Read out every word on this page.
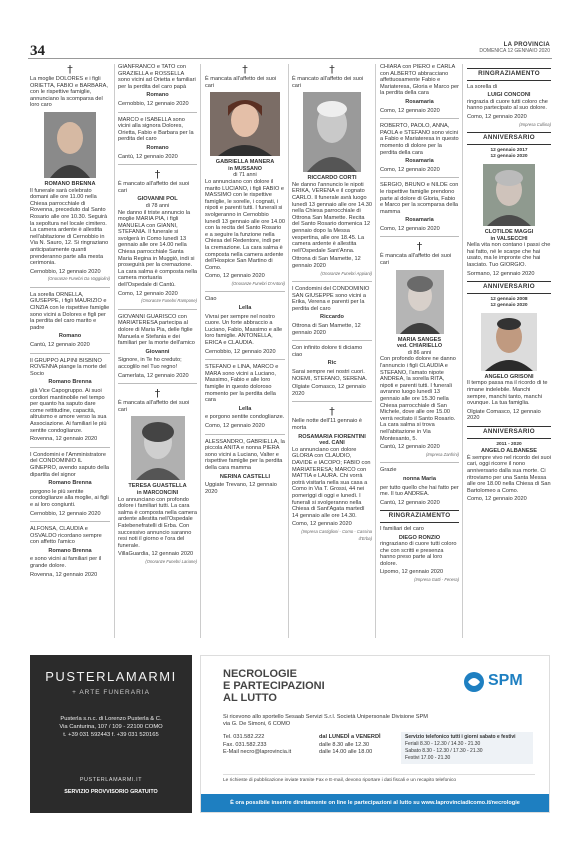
34	LA PROVINCIA
DOMENICA 12 GENNAIO 2020
†

La moglie DOLORES e i figli ORIETTA, FABIO e BARBARA, con le rispettive famiglie, annunciano la scomparsa del loro caro

ROMANO BRENNA

Il funerale sarà celebrato domani alle ore 11.00 nella Chiesa parrocchiale di Rovenna, preceduto dal Santo Rosario alle ore 10.30. Seguirà la sepoltura nel locale cimitero. La camera ardente è allestita nell'abitazione di Cernobbio in Via N. Sauro, 12. Si ringraziano anticipatamente quanti prenderanno parte alla mesta cerimonia.

Cernobbio, 12 gennaio 2020
(Onoranze Funebri Da Vaggiolini)

La sorella ORNELLA, GIUSEPPE, i figli MAURIZIO e CINZIA con le rispettive famiglie sono vicini a Dolores e figli per la perdita del caro marito e padre

Romano
Cantù, 12 gennaio 2020

Il GRUPPO ALPINI BISBINO ROVENNA piange la morte del Socio

Romano Brenna

già Vice Capogruppo. Ai suoi cordiori mantinobile nel tempo per quanto ha saputo dare come rettitudine, capacità, altruismo e amore verso la sua Associazione. Ai familiari le più sentite condoglianze.

Rovenna, 12 gennaio 2020

I Condomini e l'Amministratore del CONDOMINIO IL GINEPRO, avendo saputo della dipartita del signor

Romano Brenna

porgono le più sentite condoglianze alla moglie, ai figli e ai loro congiunti.

Cernobbio, 12 gennaio 2020

ALFONSA, CLAUDIA e OSVALDO ricordano sempre con affetto l'amico

Romano Brenna

e sono vicini ai familiari per il grande dolore.

Rovenna, 12 gennaio 2020

GIANFRANCO e TATO con GRAZIELLA e ROSSELLA sono vicini ad Orietta e familiari per la perdita del caro papà

Romano
Cernobbio, 12 gennaio 2020

MARCO e ISABELLA sono vicini alla signora Dolores, Orietta, Fabio e Barbara per la perdita del caro

Romano
Cantù, 12 gennaio 2020
†

È mancato all'affetto dei suoi cari

GIOVANNI POL
di 78 anni

Ne danno il triste annuncio la moglie MARIA PIA, i figli MANUELA con GIANNI, STEFANIA. Il funerale si svolgerà in Como lunedì 13 gennaio alle ore 14.00 nella Chiesa parrocchiale Santa Maria Regina in Muggiò, indi si proseguirà per la cremazione. La cara salma è composta nella camera mortuaria dell'Ospedale di Cantù.

Como, 12 gennaio 2020
(Onoranze Funebri Rampone)

GIOVANNI GUARISCO con MARIATERESA partecipa al dolore di Maria Pia, delle figlie Manuela e Stefania e dei familiari per la morte dell'amico

Giovanni

Signore, in Te ho creduto; accoglilo nel Tuo regno!

Camerlata, 12 gennaio 2020
†

È mancata all'affetto dei suoi cari

TERESA GUASTELLA
in MARCONCINI

Lo annunciano con profondo dolore i familiari tutti. La cara salma è composta nella camera ardente allestita nell'Ospedale Fatebenefratelli di Erba. Con successivo annuncio saranno resi noti il giorno e l'ora del funerale.

VillaGuardia, 12 gennaio 2020
(Onoranze Funebri Lariane)
†

È mancata all'affetto dei suoi cari

GABRIELLA MANERA
in MUSSANO
di 71 anni

Lo annunciano con dolore il marito LUCIANO, i figli FABIO e MASSIMO con le rispettive famiglie, le sorelle, i cognati, i nipoti e parenti tutti. I funerali si svolgeranno in Cernobbio lunedì 13 gennaio alle ore 14.00 con la recita del Santo Rosario e a seguire la funzione nella Chiesa del Redentore, indi per la cremazione. La cara salma è composta nella camera ardente dell'Hospice San Martino di Como.

Como, 12 gennaio 2020
(Onoranze Funebri D'Antoni)

Ciao

Lella

Vivrai per sempre nel nostro cuore. Un forte abbraccio a Luciano, Fabio, Massimo e alle loro famiglie. ANTONELLA, ERICA e CLAUDIA.

Cernobbio, 12 gennaio 2020

STEFANO e LINA, MARCO e MARA sono vicini a Luciano, Massimo, Fabio e alle loro famiglie in questo doloroso momento per la perdita della cara

Lella

e porgono sentite condoglianze.

Como, 12 gennaio 2020

ALESSANDRO, GABRIELLA, la piccola ANITA e nonna PIERA sono vicini a Luciano, Valter e rispettive famiglie per la perdita della cara mamma

NERINA CASTELLI
Uggiate Trevano, 12 gennaio 2020
†

È mancato all'affetto dei suoi cari

RICCARDO CORTI

Ne danno l'annuncio le nipoti ERIKA, VERENA e il cognato CARLO. Il funerale avrà luogo lunedì 13 gennaio alle ore 14.30 nella Chiesa parrocchiale di Ottrona San Mamette. Recita del Santo Rosario domenica 12 gennaio dopo la Messa vespertina, alle ore 18.45. La camera ardente è allestita nell'Ospedale Sant'Anna.

Ottrona di San Mamette, 12 gennaio 2020
(Onoranze Funebri Appiani)

I Condomini del CONDOMINIO SAN GIUSEPPE sono vicini a Erika, Verena e parenti per la perdita del caro

Riccardo
Ottrona di San Mamette, 12 gennaio 2020

Con infinito dolore ti diciamo ciao

Ric

Sarai sempre nei nostri cuori. NOEMI, STEFANO, SERENA.

Olgiate Comasco, 12 gennaio 2020
†

Nelle notte dell'11 gennaio è morta

ROSAMARIA FIORENTINI
ved. CANI

Lo annunciano con dolore GLORIA con CLAUDIO, DAVIDE e IACOPO; FABIO con MARIATERESA; MARCO con MATTIA e LAURA. Chi vorrà potrà visitarla nella sua casa a Como in Via T. Grossi, 44 nei pomeriggi di oggi e lunedì. I funerali si svolgeranno nella Chiesa di Sant'Agata martedì 14 gennaio alle ore 14.30.

Como, 12 gennaio 2020
(Impresa Castiglioni - Como - Cassina d'Erba)

CHIARA con PIERO e CARLA con ALBERTO abbracciano affettuosamente Fabio e Mariateresa, Gloria e Marco per la perdita della cara

Rosamaria
Como, 12 gennaio 2020

ROBERTO, PAOLO, ANNA, PAOLA e STEFANO sono vicini a Fabio e Mariateresa in questo momento di dolore per la perdita della cara

Rosamaria
Como, 12 gennaio 2020

SERGIO, BRUNO e NILDE con le rispettive famiglie prendono parte al dolore di Gloria, Fabio e Marco per la scomparsa della mamma

Rosamaria
Como, 12 gennaio 2020
†

È mancata all'affetto dei suoi cari

MARIA SANGES
ved. CHIARIELLO
di 86 anni

Con profondo dolore ne danno l'annuncio i figli CLAUDIA e STEFANO, l'amato nipote ANDREA, la sorella RITA, nipoti e parenti tutti. I funerali avranno luogo lunedì 13 gennaio alle ore 15.30 nella Chiesa parrocchiale di San Michele, dove alle ore 15.00 verrà recitato il Santo Rosario. La cara salma si trova nell'abitazione in Via Montesanto, 5.

Cantù, 12 gennaio 2020
(Impresa Zanfrini)

Grazie

nonna Maria

per tutto quello che hai fatto per me. Il tuo ANDREA.

Cantù, 12 gennaio 2020
RINGRAZIAMENTO

I familiari del caro

DIEGO RONZIO

ringraziano di cuore tutti coloro che con scritti e presenza hanno preso parte al loro dolore.

Lipomo, 12 gennaio 2020
(Impresa Gatti - Fenera)
RINGRAZIAMENTO

La sorella di

LUIGI CONCONI

ringrazia di cuore tutti coloro che hanno partecipato al suo dolore.

Como, 12 gennaio 2020
(Impresa Cullina)
ANNIVERSARIO
12 gennaio 2017
12 gennaio 2020
CLOTILDE MAGGI
in VALSECCHI

Nella vita non contano i passi che hai fatto, né le scarpe che hai usato, ma le impronte che hai lasciato. Tuo GIORGIO.

Sormano, 12 gennaio 2020
ANNIVERSARIO
12 gennaio 2008
12 gennaio 2020
ANGELO GRISONI

Il tempo passa ma il ricordo di te rimane indelebile. Manchi sempre, manchi tanto, manchi ovunque. La tua famiglia.

Olgiate Comasco, 12 gennaio 2020
ANNIVERSARIO
2011 - 2020
ANGELO ALBANESE

È sempre vivo nel ricordo dei suoi cari, oggi ricorre il nono anniversario dalla sua morte. Ci ritroviamo per una Santa Messa alle ore 18.00 nella Chiesa di San Bartolomeo a Como.

Como, 12 gennaio 2020
PUSTERLAMARMI
+ ARTE FUNERARIA
Pusterla s.n.c. di Lorenzo Pusterla & C.
Via Canturina, 107 / 109 - 22100 COMO
t. +39 031 592443 f. +39 031 520165
PUSTERLAMARMI.IT
SERVIZIO PROVVISORIO GRATUITO
NECROLOGIE
E PARTECIPAZIONI
AL LUTTO
SPM
Si ricevono allo sportello Sesaab Servizi S.r.l. Società Unipersonale Divisione SPM
via G. De Simoni, 6 COMO
Tel. 031.582.222
Fax. 031.582.233
E-Mail necro@laprovincia.it
dal LUNEDÌ a VENERDÌ
dalle 8.30 alle 12.30
dalle 14.00 alle 18.00
Servizio telefonico tutti i giorni sabato e festivi
Feriali 8.30 - 12.30 / 14.30 - 21.30
Sabato 8.30 - 12.30 / 17.30 - 21.30
Festivi 17.00 - 21.30
Le richieste di pubblicazione inviate tramite Fax e E-mail, devono riportare i dati fiscali e un recapito telefonico
È ora possibile inserire direttamente on line le partecipazioni al lutto su www.laprovinciadicomo.it/necrologie
